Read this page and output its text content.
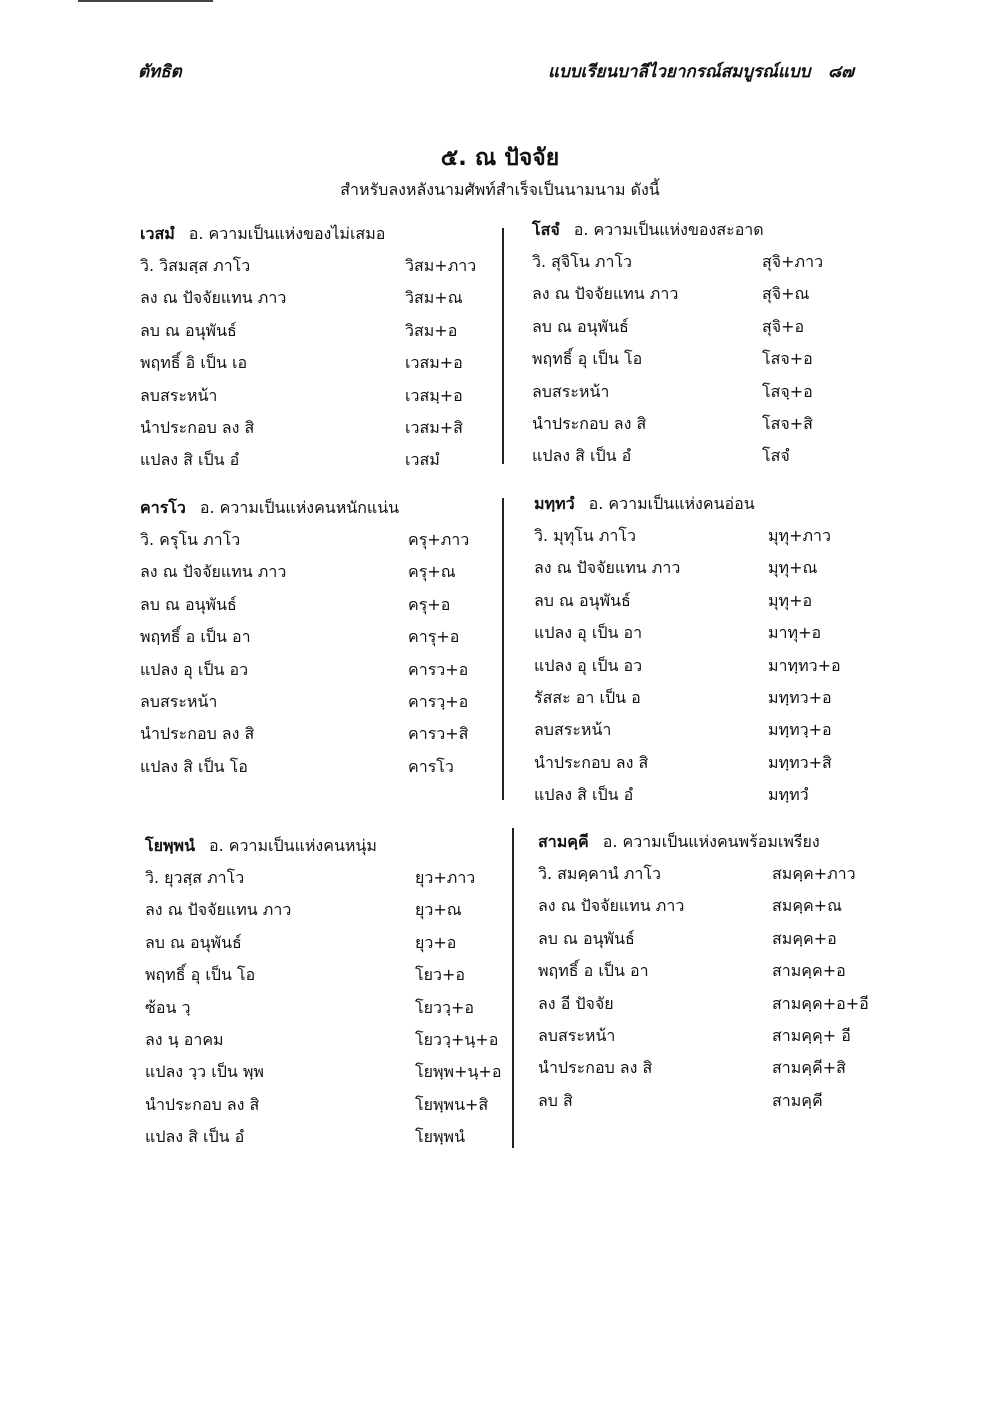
ตัทธิต	แบบเรียนบาลีไวยากรณ์สมบูรณ์แบบ ๘๗
๕. ณ ปัจจัย
สำหรับลงหลังนามศัพท์สำเร็จเป็นนามนาม ดังนี้
เวสมํ อ. ความเป็นแห่งของไม่เสมอ
วิ. วิสมสฺส ภาโว	วิสม+ภาว
ลง ณ ปัจจัยแทน ภาว	วิสม+ณ
ลบ ณ อนุพันธ์	วิสม+อ
พฤทธิ์ อิ เป็น เอ	เวสม+อ
ลบสระหน้า	เวสมฺ+อ
นำประกอบ ลง สิ	เวสม+สิ
แปลง สิ เป็น อํ	เวสมํ
โสจํ อ. ความเป็นแห่งของสะอาด
วิ. สุจิโน ภาโว	สุจิ+ภาว
ลง ณ ปัจจัยแทน ภาว	สุจิ+ณ
ลบ ณ อนุพันธ์	สุจิ+อ
พฤทธิ์ อุ เป็น โอ	โสจ+อ
ลบสระหน้า	โสจฺ+อ
นำประกอบ ลง สิ	โสจ+สิ
แปลง สิ เป็น อํ	โสจํ
คารโว อ. ความเป็นแห่งคนหนักแน่น
วิ. ครุโน ภาโว	ครุ+ภาว
ลง ณ ปัจจัยแทน ภาว	ครุ+ณ
ลบ ณ อนุพันธ์	ครุ+อ
พฤทธิ์ อ เป็น อา	คารุ+อ
แปลง อุ เป็น อว	คารว+อ
ลบสระหน้า	คารวฺ+อ
นำประกอบ ลง สิ	คารว+สิ
แปลง สิ เป็น โอ	คารโว
มทฺทวํ อ. ความเป็นแห่งคนอ่อน
วิ. มุทุโน ภาโว	มุทุ+ภาว
ลง ณ ปัจจัยแทน ภาว	มุทุ+ณ
ลบ ณ อนุพันธ์	มุทุ+อ
แปลง อุ เป็น อา	มาทุ+อ
แปลง อุ เป็น อว	มาทฺทว+อ
รัสสะ อา เป็น อ	มทฺทว+อ
ลบสระหน้า	มทฺทวฺ+อ
นำประกอบ ลง สิ	มทฺทว+สิ
แปลง สิ เป็น อํ	มทฺทวํ
โยพฺพนํ อ. ความเป็นแห่งคนหนุ่ม
วิ. ยุวสฺส ภาโว	ยุว+ภาว
ลง ณ ปัจจัยแทน ภาว	ยุว+ณ
ลบ ณ อนุพันธ์	ยุว+อ
พฤทธิ์ อุ เป็น โอ	โยว+อ
ซ้อน วฺ	โยววฺ+อ
ลง นฺ อาคม	โยววฺ+นฺ+อ
แปลง วฺว เป็น พฺพ	โยพฺพ+นฺ+อ
นำประกอบ ลง สิ	โยพฺพน+สิ
แปลง สิ เป็น อํ	โยพฺพนํ
สามคฺคี อ. ความเป็นแห่งคนพร้อมเพรียง
วิ. สมคฺคานํ ภาโว	สมคฺค+ภาว
ลง ณ ปัจจัยแทน ภาว	สมคฺค+ณ
ลบ ณ อนุพันธ์	สมคฺค+อ
พฤทธิ์ อ เป็น อา	สามคฺค+อ
ลง อี ปัจจัย	สามคฺค+อ+อี
ลบสระหน้า	สามคฺคฺ+ อี
นำประกอบ ลง สิ	สามคฺคี+สิ
ลบ สิ	สามคฺคี
